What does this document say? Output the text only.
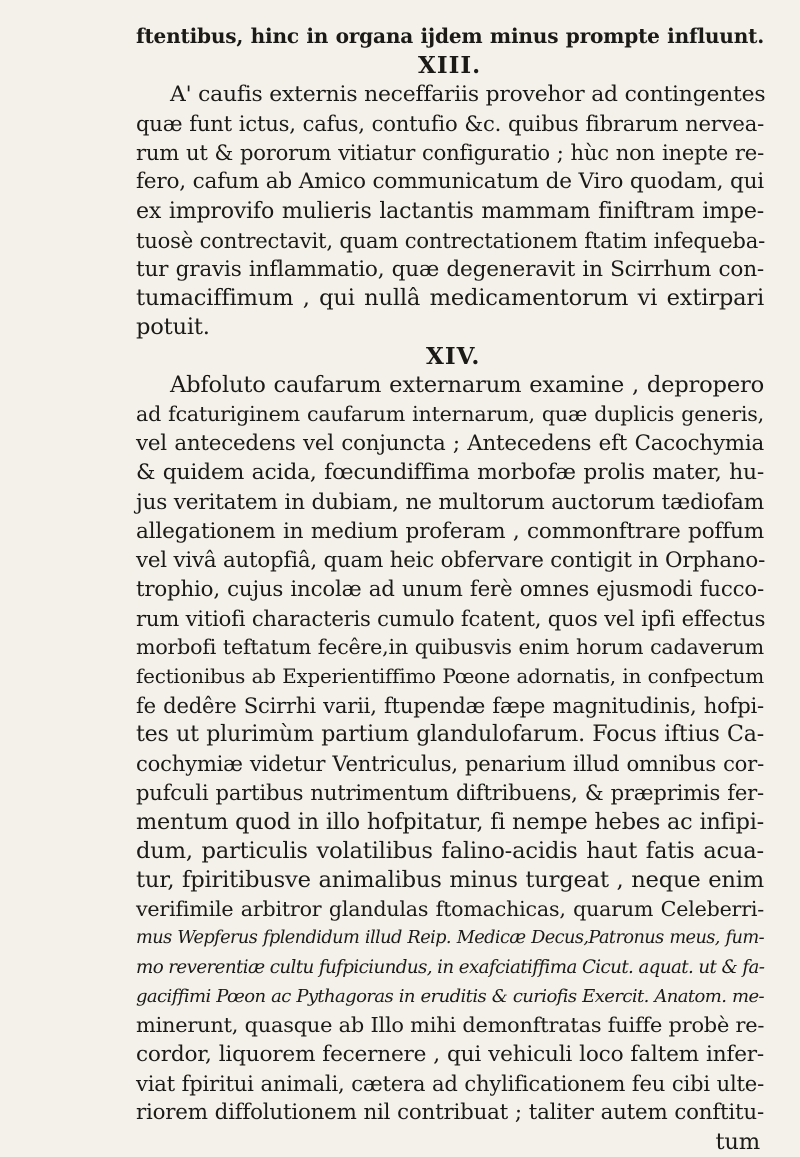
ftentibus, hinc in organa ijdem minus prompte influunt.
XIII.
A' caufis externis neceffariis provehor ad contingentes
quæ funt ictus, cafus, contufio &c. quibus fibrarum nervea-
rum ut & pororum vitiatur configuratio ; hùc non inepte re-
fero, cafum ab Amico communicatum de Viro quodam, qui
ex improvifo mulieris lactantis mammam finiftram impe-
tuosè contrectavit, quam contrectationem ftatim infequeba-
tur gravis inflammatio, quæ degeneravit in Scirrhum con-
tumaciffimum , qui nullâ medicamentorum vi extirpari
potuit.
XIV.
Abfoluto caufarum externarum examine , depropero
ad fcaturiginem caufarum internarum, quæ duplicis generis,
vel antecedens vel conjuncta ; Antecedens eft Cacochymia
& quidem acida, fœcundiffima morbofæ prolis mater, hu-
jus veritatem in dubiam, ne multorum auctorum tædiofam
allegationem in medium proferam , commonftrare poffum
vel vivâ autopfiâ, quam heic obfervare contigit in Orphano-
trophio, cujus incolæ ad unum ferè omnes ejusmodi fucco-
rum vitiofi characteris cumulo fcatent, quos vel ipfi effectus
morbofi teftatum fecêre,in quibusvis enim horum cadaverum
fectionibus ab Experientiffimo Pœone adornatis, in confpectum
fe dedêre Scirrhi varii, ftupendæ fæpe magnitudinis, hofpi-
tes ut plurimùm partium glandulofarum. Focus iftius Ca-
cochymiæ videtur Ventriculus, penarium illud omnibus cor-
pufculi partibus nutrimentum diftribuens, & præprimis fer-
mentum quod in illo hofpitatur, fi nempe hebes ac infipi-
dum, particulis volatilibus falino-acidis haut fatis acua-
tur, fpiritibusve animalibus minus turgeat , neque enim
verifimile arbitror glandulas ftomachicas, quarum Celeberri-
mus Wepferus fplendidum illud Reip. Medicæ Decus,Patronus meus, fum-
mo reverentiæ cultu fufpiciundus, in exafciatiffima Cicut. aquat. ut & fa-
gaciffimi Pœon ac Pythagoras in eruditis & curiofis Exercit. Anatom. me-
minerunt, quasque ab Illo mihi demonftratas fuiffe probè re-
cordor, liquorem fecernere , qui vehiculi loco faltem infer-
viat fpiritui animali, cætera ad chylificationem feu cibi ulte-
riorem diffolutionem nil contribuat ; taliter autem conftitu-
tum
